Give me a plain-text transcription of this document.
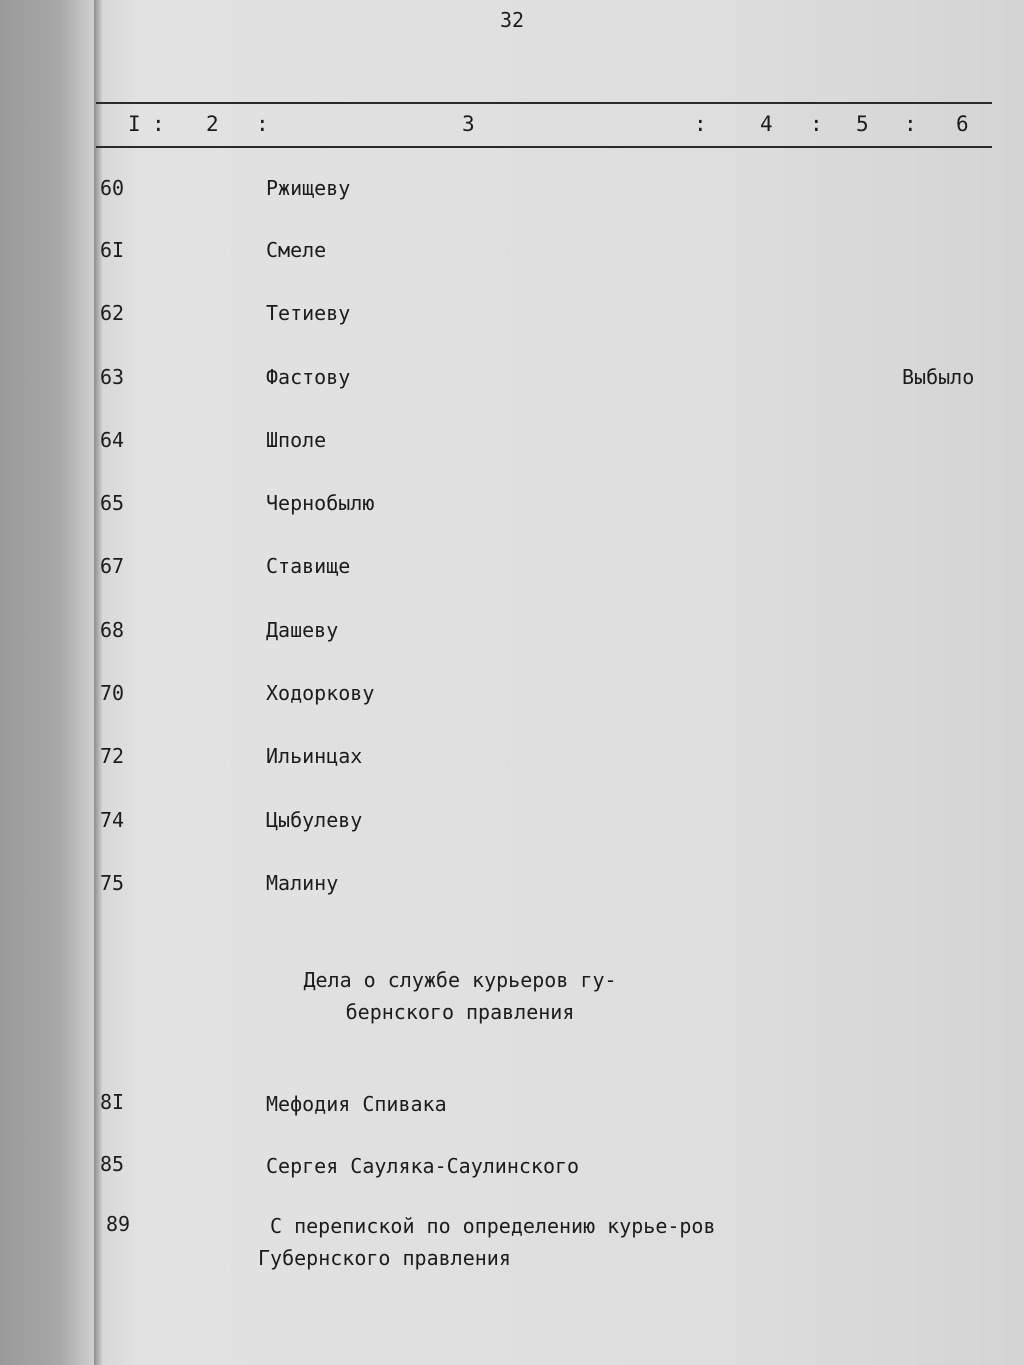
32
I : 2 :	3	:	4 : 5 : 6
60	Ржищеву
6I	Смеле
62	Тетиеву
63	Фастову	Выбыло
64	Шполе
65	Чернобылю
67	Ставище
68	Дашеву
70	Ходоркову
72	Ильинцах
74	Цыбулеву
75	Малину
Дела о службе курьеров гу-
бернского правления
8I	Мефодия Спивака
85	Сергея Сауляка-Саулинского
89	С перепиской по определению курье-ров Губернского правления
